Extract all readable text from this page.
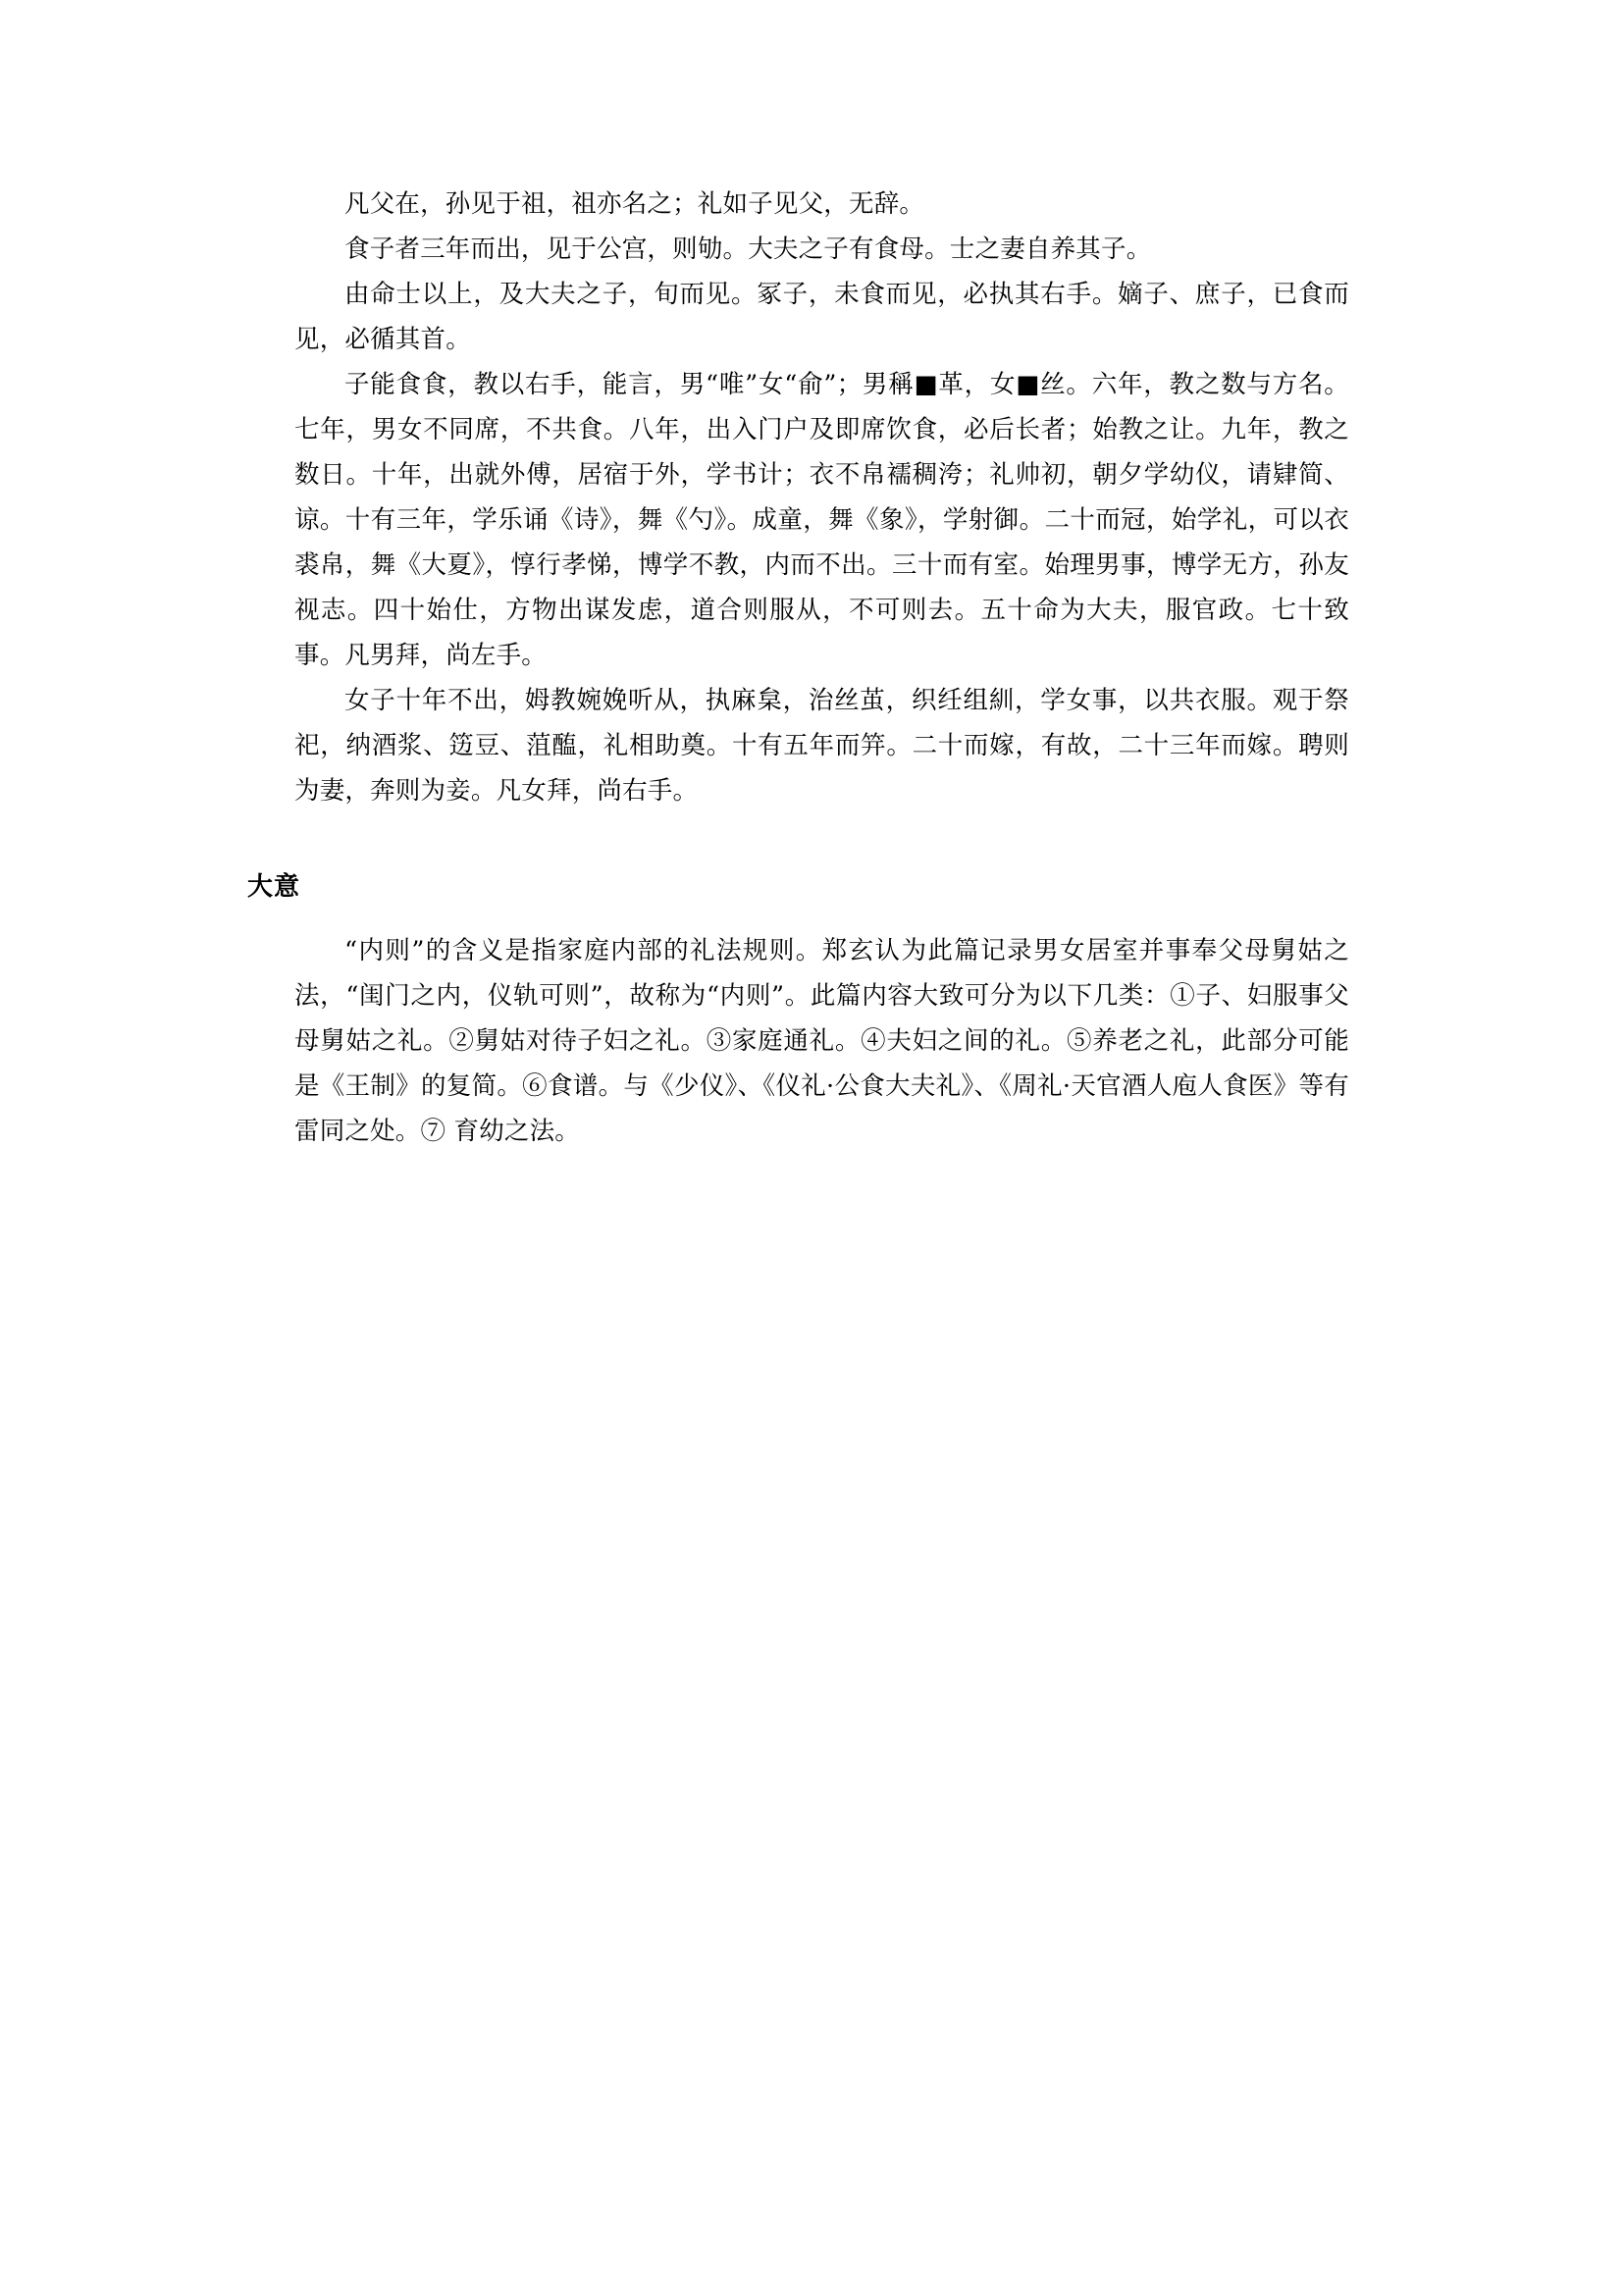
凡父在，孙见于祖，祖亦名之；礼如子见父，无辞。

食子者三年而出，见于公宫，则劬。大夫之子有食母。士之妻自养其子。

由命士以上，及大夫之子，旬而见。冢子，未食而见，必执其右手。嫡子、庶子，已食而见，必循其首。

子能食食，教以右手，能言，男“唯”女“俞”；男稱■革，女■丝。六年，教之数与方名。七年，男女不同席，不共食。八年，出入门户及即席饮食，必后长者；始教之让。九年，教之数日。十年，出就外傅，居宿于外，学书计；衣不帛襦稠洿；礼帅初，朝夕学幼仪，请肄简、谅。十有三年，学乐诵《诗》，舞《勺》。成童，舞《象》，学射御。二十而冠，始学礼，可以衣裘帛，舞《大夏》，惇行孝悌，博学不教，内而不出。三十而有室。始理男事，博学无方，孙友视志。四十始仕，方物出谋发虑，道合则服从，不可则去。五十命为大夫，服官政。七十致事。凡男拜，尚左手。

女子十年不出，姆教婉娩听从，执麻枲，治丝茧，织纴组紃，学女事，以共衣服。观于祭祀，纳酒浆、笾豆、菹醢，礼相助奠。十有五年而笄。二十而嫁，有故，二十三年而嫁。聘则为妻，奔则为妾。凡女拜，尚右手。

大意

“内则”的含义是指家庭内部的礼法规则。郑玄认为此篇记录男女居室并事奉父母舅姑之法，“闺门之内，仪轨可则”，故称为“内则”。此篇内容大致可分为以下几类：①子、妇服事父母舅姑之礼。②舅姑对待子妇之礼。③家庭通礼。④夫妇之间的礼。⑤养老之礼，此部分可能是《王制》的复简。⑥食谱。与《少仪》、《仪礼·公食大夫礼》、《周礼·天官酒人庖人食医》等有雷同之处。⑦ 育幼之法。
